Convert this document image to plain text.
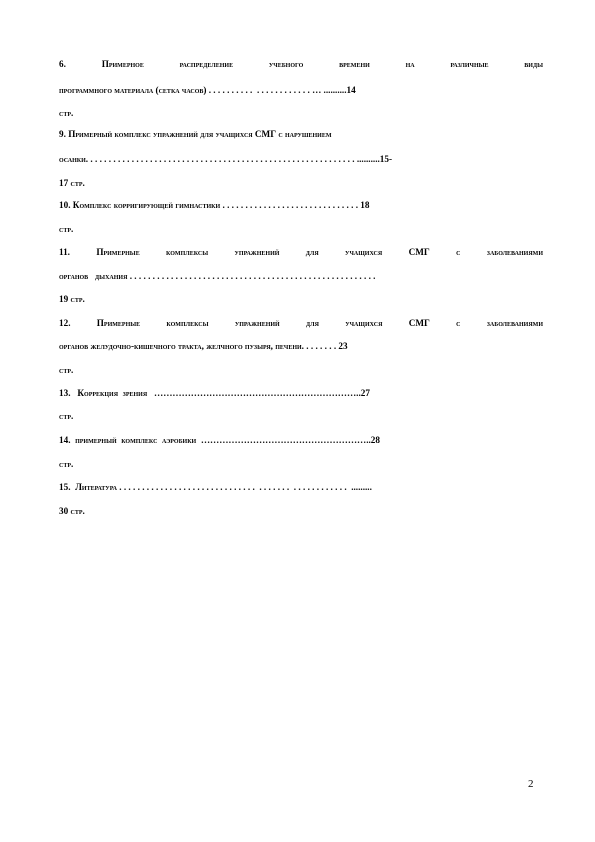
6. Примерное распределение учебного времени на различные виды
программного материала (сетка часов) . . . . . . . . . .  . . . . . . . . . . . . … ..........14
стр.
9. Примерный комплекс упражнений для учащихся СМГ с нарушением
осанки. . . . . . . . . . . . . . . . . . . . . . . . . . . . . . . . . . . . . . . . . . . . . . . . . . . . . . . . . . . ..........15-
17 стр.
10. Комплекс корригирующей гимнастики . . . . . . . . . . . . . . . . . . . . . . . . . . . . . . 18
стр.
11. Примерные комплексы упражнений для учащихся СМГ с заболеваниями
органов   дыхания . . . . . . . . . . . . . . . . . . . . . . . . . . . . . . . . . . . . . . . . . . . . . . . . . . . . . .
19 стр.
12. Примерные комплексы упражнений для учащихся СМГ с заболеваниями
органов желудочно-кишечного тракта, желчного пузыря, печени. . . . . . . . 23
стр.
13.   Коррекция  зрения   …………………………………………………………..27
стр.
14.  примерный  комплекс  аэробики  ………………………………………………..28
стр.
15.  Литература . . . . . . . . . . . . . . . . . . . . . . . . . . . . . .  . . . . . . .  . . . . . . . . . . . .  .........
30 стр.
2
